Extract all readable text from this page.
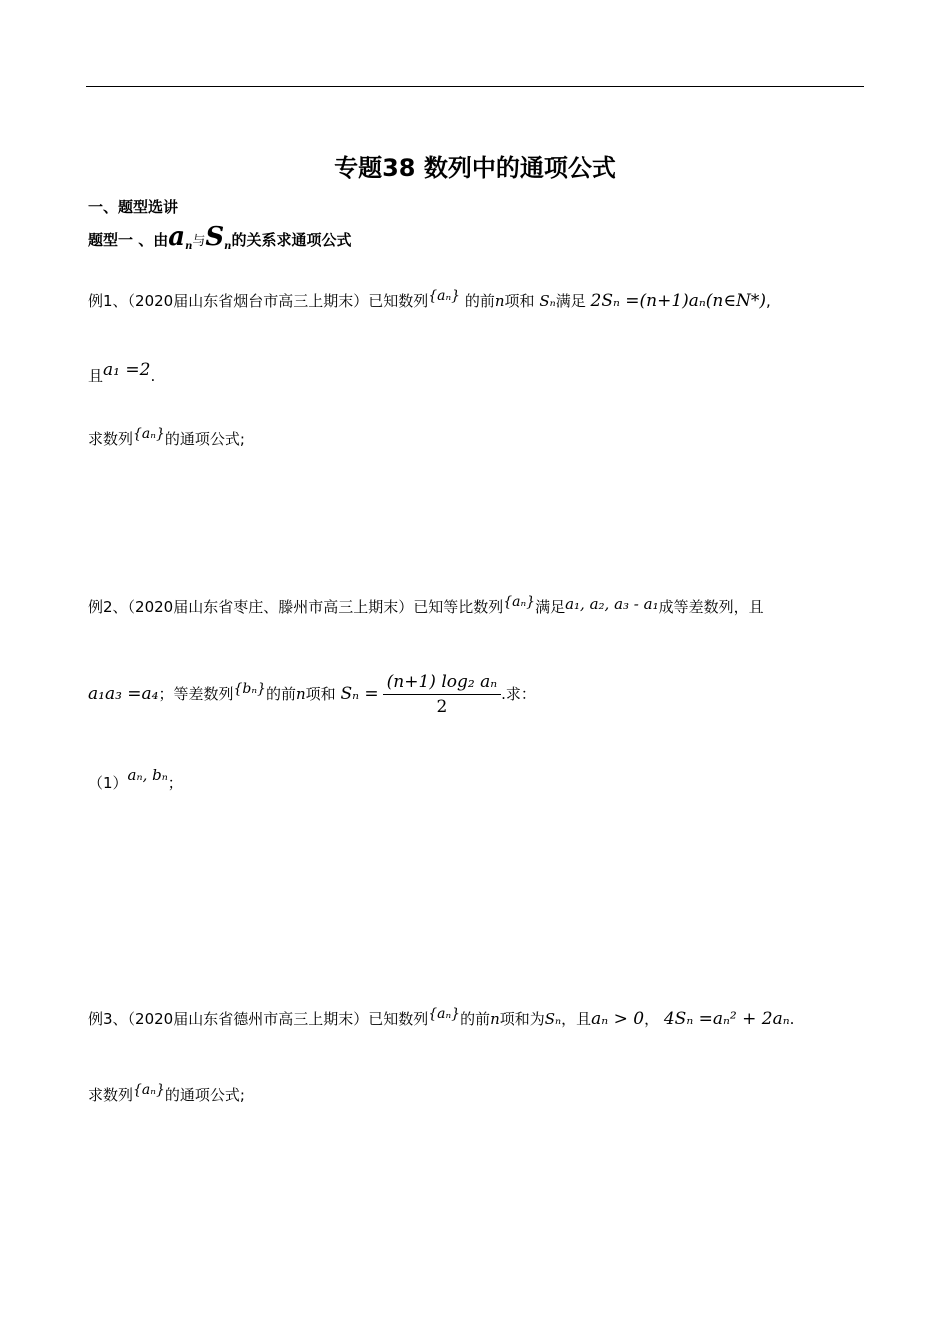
专题38 数列中的通项公式
一、题型选讲
题型一 、由$a_n$与$S_n$的关系求通项公式
例1、（2020届山东省烟台市高三上期末）已知数列{aₙ} 的前n项和 Sₙ满足 2Sₙ =(n+1)aₙ(n∈N*),
且a₁ =2.
求数列{aₙ}的通项公式;
例2、（2020届山东省枣庄、滕州市高三上期末）已知等比数列{aₙ}满足a₁, a₂, a₃ - a₁成等差数列，且
a₁a₃ =a₄；等差数列{bₙ}的前n项和 $S_n = \frac{\text{(n+1) log₂ aₙ}}{2}$ .求：
（1）aₙ, bₙ；
例3、（2020届山东省德州市高三上期末）已知数列{aₙ}的前n项和为Sₙ，且aₙ > 0， 4Sₙ =aₙ² + 2aₙ.
求数列{aₙ}的通项公式;
